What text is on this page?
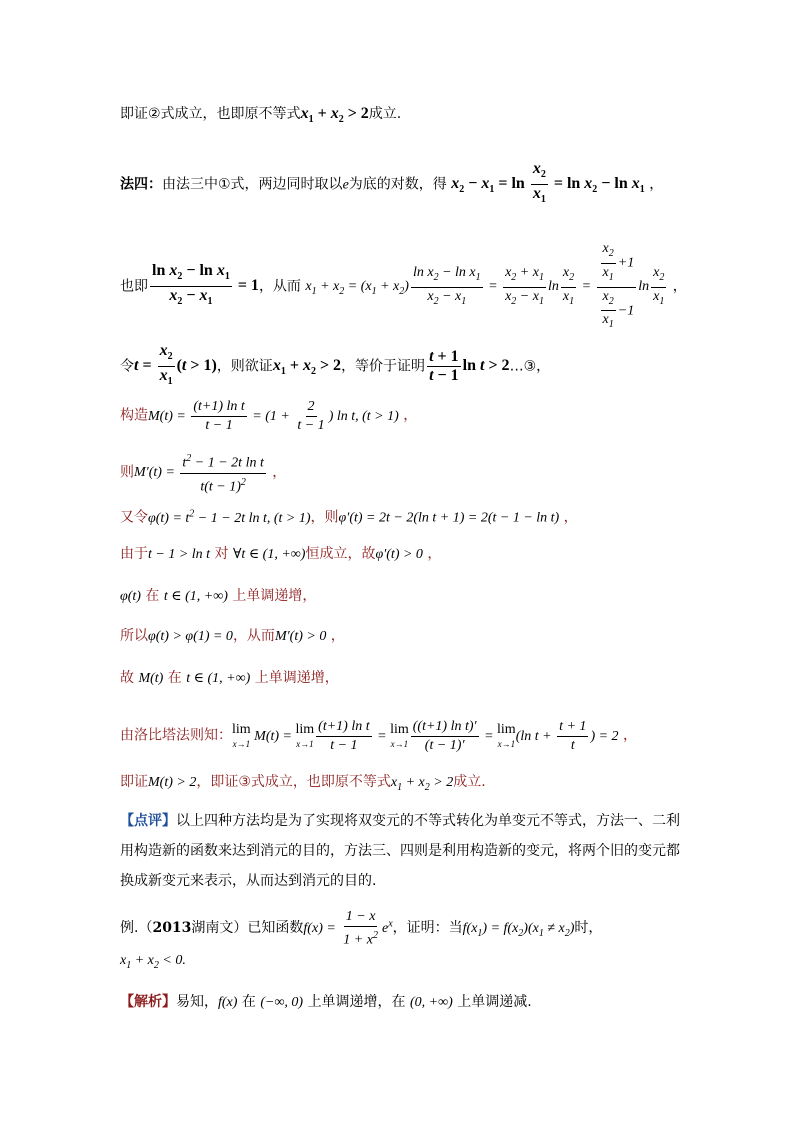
即证②式成立，也即原不等式$x_1 + x_2 > 2$成立.
法四：由法三中①式，两边同时取以e为底的对数，得 $x_2 - x_1 = \ln \frac{x_2}{x_1} = \ln x_2 - \ln x_1$ ，
也即 $\frac{\ln x_2 - \ln x_1}{x_2 - x_1} = 1$，从而 $x_1 + x_2 = (x_1 + x_2) \frac{\ln x_2 - \ln x_1}{x_2 - x_1} = \frac{x_2 + x_1}{x_2 - x_1}$ $\ln \frac{x_2}{x_1} = \frac{\frac{x_2}{x_1} +1}{\frac{x_2}{x_1} -1}$ $\ln \frac{x_2}{x_1}$ ，
令$t = \frac{x_2}{x_1} (t > 1)$，则欲证$x_1 + x_2 > 2$，等价于证明 $\frac{t + 1}{t - 1}$ ln t > 2…③，
构造$M(t) = \frac{\text{(t+1) ln t}}{t - 1} = (1 + \frac{2}{t - 1}$ ) ln t, (t > 1) ，
则$M'(t) = \frac{t^2 - 1 - 2t \ln t}{t(t - 1)^2}$ ，
又令$\varphi(t) = t^2 - 1 - 2t$ ln t, (t > 1)，则φ′(t) = 2t − 2(ln t + 1) = 2(t − 1 − ln t) ，
由于t − 1 > ln t 对 ∀t ∈ (1, +∞)恒成立，故φ′(t) > 0 ，
φ(t) 在 t ∈ (1, +∞) 上单调递增，
所以φ(t) > φ(1) = 0，从而M′(t) > 0 ，
故 M(t) 在 t ∈ (1, +∞) 上单调递增，
由洛比塔法则知： lim
x→1 M(t) = lim
$x\to 1 \frac{\text{(t+1) ln t}}{t - 1} = \lim$
$x\to 1 \frac{\text{((t+1) ln t)′}}{(t - 1)'} = \lim$
x→1 (ln $t + \frac{t + 1}{t}$ ) = 2 ，
即证M(t) > 2，即证③式成立，也即原不等式$x_1 + x_2 > 2$成立.
【点评】以上四种方法均是为了实现将双变元的不等式转化为单变元不等式，方法一、二利用构造新的函数来达到消元的目的，方法三、四则是利用构造新的变元，将两个旧的变元都换成新变元来表示，从而达到消元的目的.
例.（2013湖南文）已知函数$f(x) = \frac{1 - x}{1 + x^2} e^x$，证明：当$f(x_1) = f(x_2)(x_1 \ne x_2)$时，
$x_1 + x_2 < 0$.
【解析】易知，f(x) 在 (−∞, 0) 上单调递增，在 (0, +∞) 上单调递减.
